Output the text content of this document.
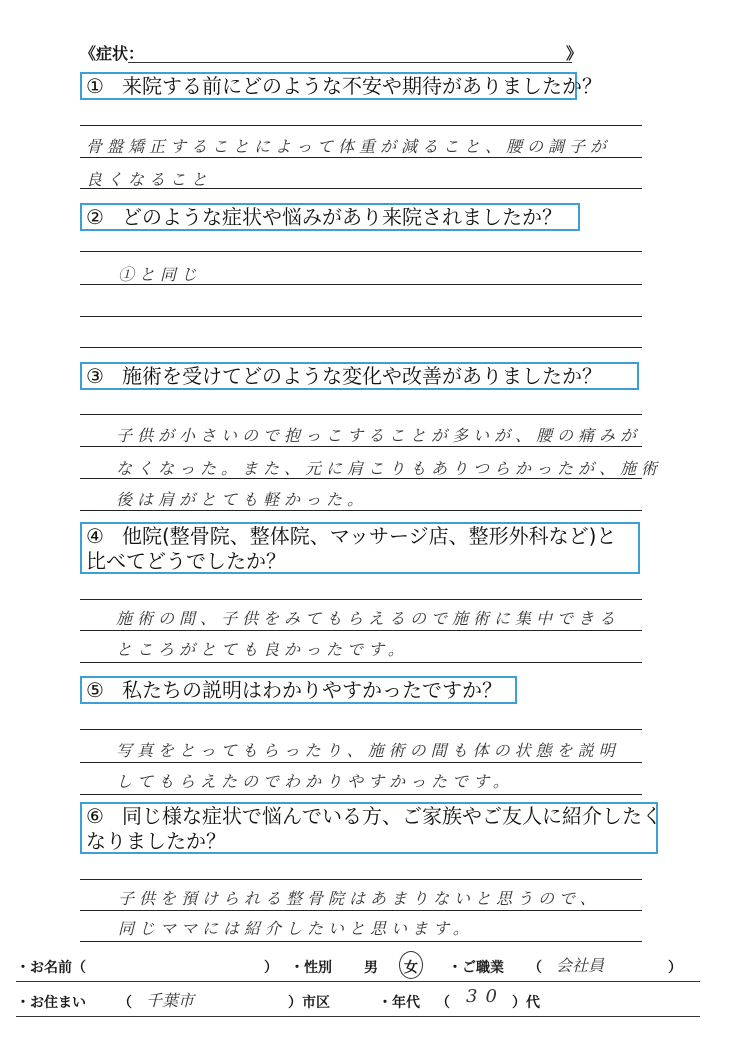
《症状：	》
① 来院する前にどのような不安や期待がありましたか？
骨盤矯正することによって体重が減ること、腰の調子が
良くなること
② どのような症状や悩みがあり来院されましたか？
①と同じ
③ 施術を受けてどのような変化や改善がありましたか？
子供が小さいので抱っこすることが多いが、腰の痛みが
なくなった。また、元に肩こりもありつらかったが、施術
後は肩がとても軽かった。
④ 他院(整骨院、整体院、マッサージ店、整形外科など)と
比べてどうでしたか？
施術の間、子供をみてもらえるので施術に集中できる
ところがとても良かったです。
⑤ 私たちの説明はわかりやすかったですか？
写真をとってもらったり、施術の間も体の状態を説明
してもらえたのでわかりやすかったです。
⑥ 同じ様な症状で悩んでいる方、ご家族やご友人に紹介したく
なりましたか？
子供を預けられる整骨院はあまりないと思うので、
同じママには紹介したいと思います。
・お名前（	） ・性別 男 女 ・ご職業 （ 会社員	）
・お住まい （ 千葉市	）市区	・年代 （ 30 ）代
